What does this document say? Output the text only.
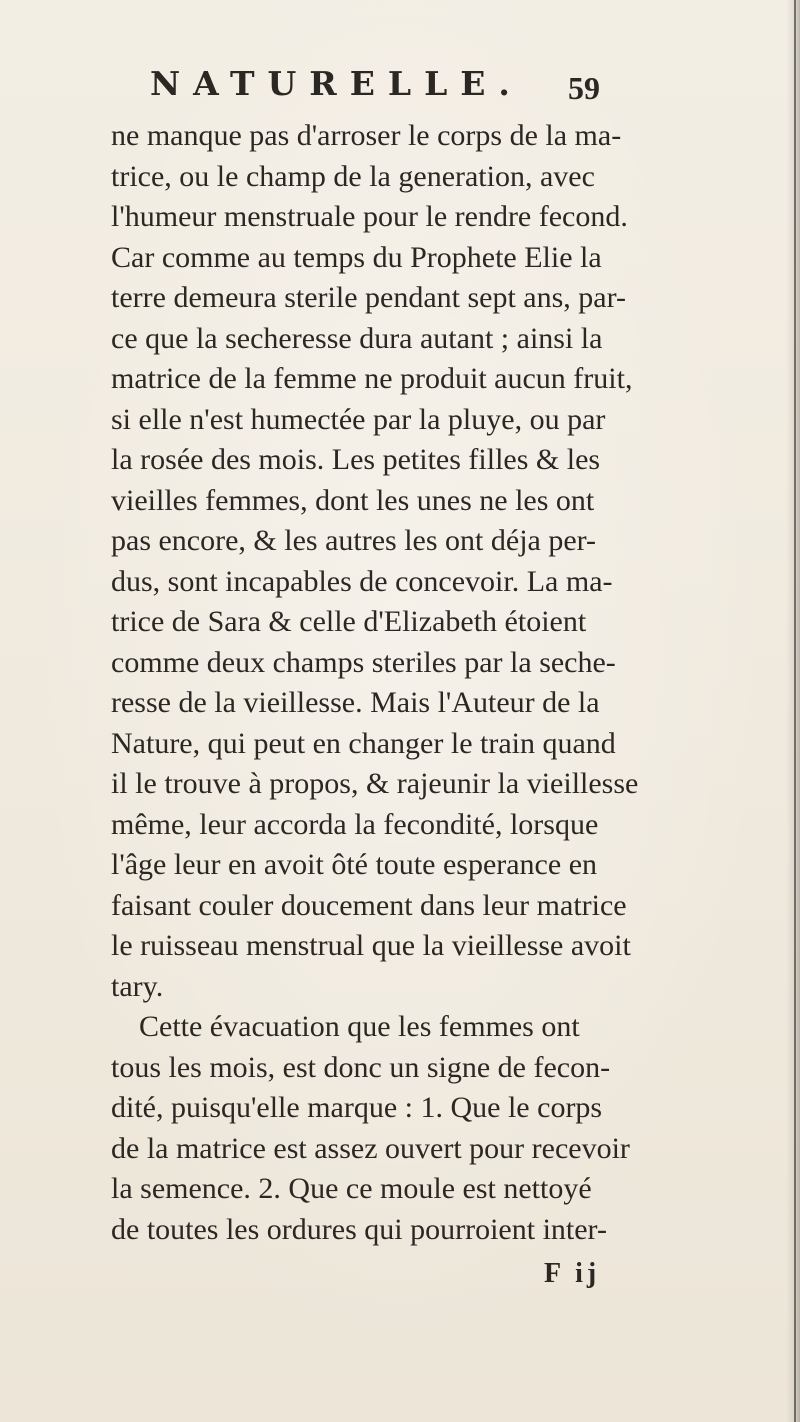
NATURELLE. 59
ne manque pas d'arroser le corps de la ma-
trice, ou le champ de la generation, avec
l'humeur menstruale pour le rendre fecond.
Car comme au temps du Prophete Elie la
terre demeura sterile pendant sept ans, par-
ce que la secheresse dura autant ; ainsi la
matrice de la femme ne produit aucun fruit,
si elle n'est humectée par la pluye, ou par
la rosée des mois. Les petites filles & les
vieilles femmes, dont les unes ne les ont
pas encore, & les autres les ont déja per-
dus, sont incapables de concevoir. La ma-
trice de Sara & celle d'Elizabeth étoient
comme deux champs steriles par la seche-
resse de la vieillesse. Mais l'Auteur de la
Nature, qui peut en changer le train quand
il le trouve à propos, & rajeunir la vieillesse
même, leur accorda la fecondité, lorsque
l'âge leur en avoit ôté toute esperance en
faisant couler doucement dans leur matrice
le ruisseau menstrual que la vieillesse avoit
tary.
Cette évacuation que les femmes ont
tous les mois, est donc un signe de fecon-
dité, puisqu'elle marque : 1. Que le corps
de la matrice est assez ouvert pour recevoir
la semence. 2. Que ce moule est nettoyé
de toutes les ordures qui pourroient inter-
F ij
